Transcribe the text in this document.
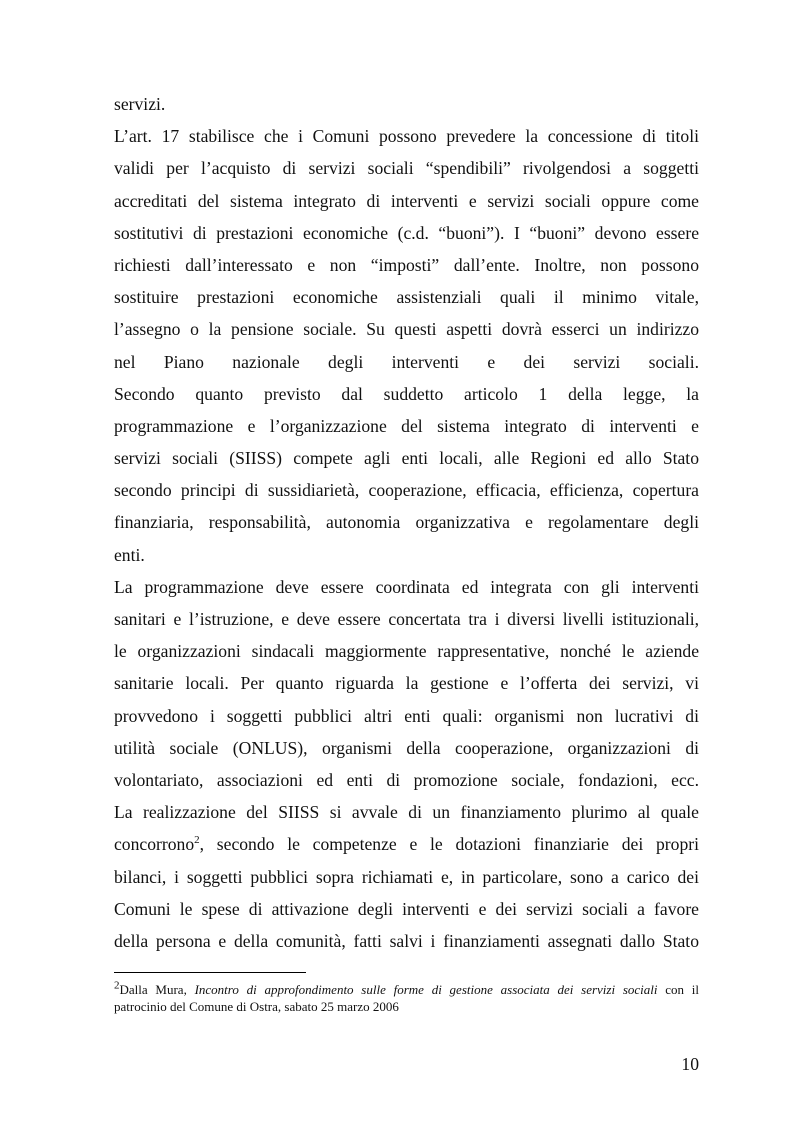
servizi.
L’art. 17 stabilisce che i Comuni possono prevedere la concessione di titoli
validi per l’acquisto di servizi sociali “spendibili” rivolgendosi a soggetti
accreditati del sistema integrato di interventi e servizi sociali oppure come
sostitutivi di prestazioni economiche (c.d. “buoni”). I “buoni” devono essere
richiesti dall’interessato e non “imposti” dall’ente. Inoltre, non possono
sostituire prestazioni economiche assistenziali quali il minimo vitale,
l’assegno o la pensione sociale. Su questi aspetti dovrà esserci un indirizzo
nel Piano nazionale degli interventi e dei servizi sociali.
Secondo quanto previsto dal suddetto articolo 1 della legge, la
programmazione e l’organizzazione del sistema integrato di interventi e
servizi sociali (SIISS) compete agli enti locali, alle Regioni ed allo Stato
secondo principi di sussidiarietà, cooperazione, efficacia, efficienza, copertura
finanziaria, responsabilità, autonomia organizzativa e regolamentare degli
enti.
La programmazione deve essere coordinata ed integrata con gli interventi
sanitari e l’istruzione, e deve essere concertata tra i diversi livelli istituzionali,
le organizzazioni sindacali maggiormente rappresentative, nonché le aziende
sanitarie locali. Per quanto riguarda la gestione e l’offerta dei servizi, vi
provvedono i soggetti pubblici altri enti quali: organismi non lucrativi di
utilità sociale (ONLUS), organismi della cooperazione, organizzazioni di
volontariato, associazioni ed enti di promozione sociale, fondazioni, ecc.
La realizzazione del SIISS si avvale di un finanziamento plurimo al quale
concorrono$^2$, secondo le competenze e le dotazioni finanziarie dei propri
bilanci, i soggetti pubblici sopra richiamati e, in particolare, sono a carico dei
Comuni le spese di attivazione degli interventi e dei servizi sociali a favore
della persona e della comunità, fatti salvi i finanziamenti assegnati dallo Stato
$^2$Dalla Mura, Incontro di approfondimento sulle forme di gestione associata dei servizi sociali con il
patrocinio del Comune di Ostra, sabato 25 marzo 2006
10
